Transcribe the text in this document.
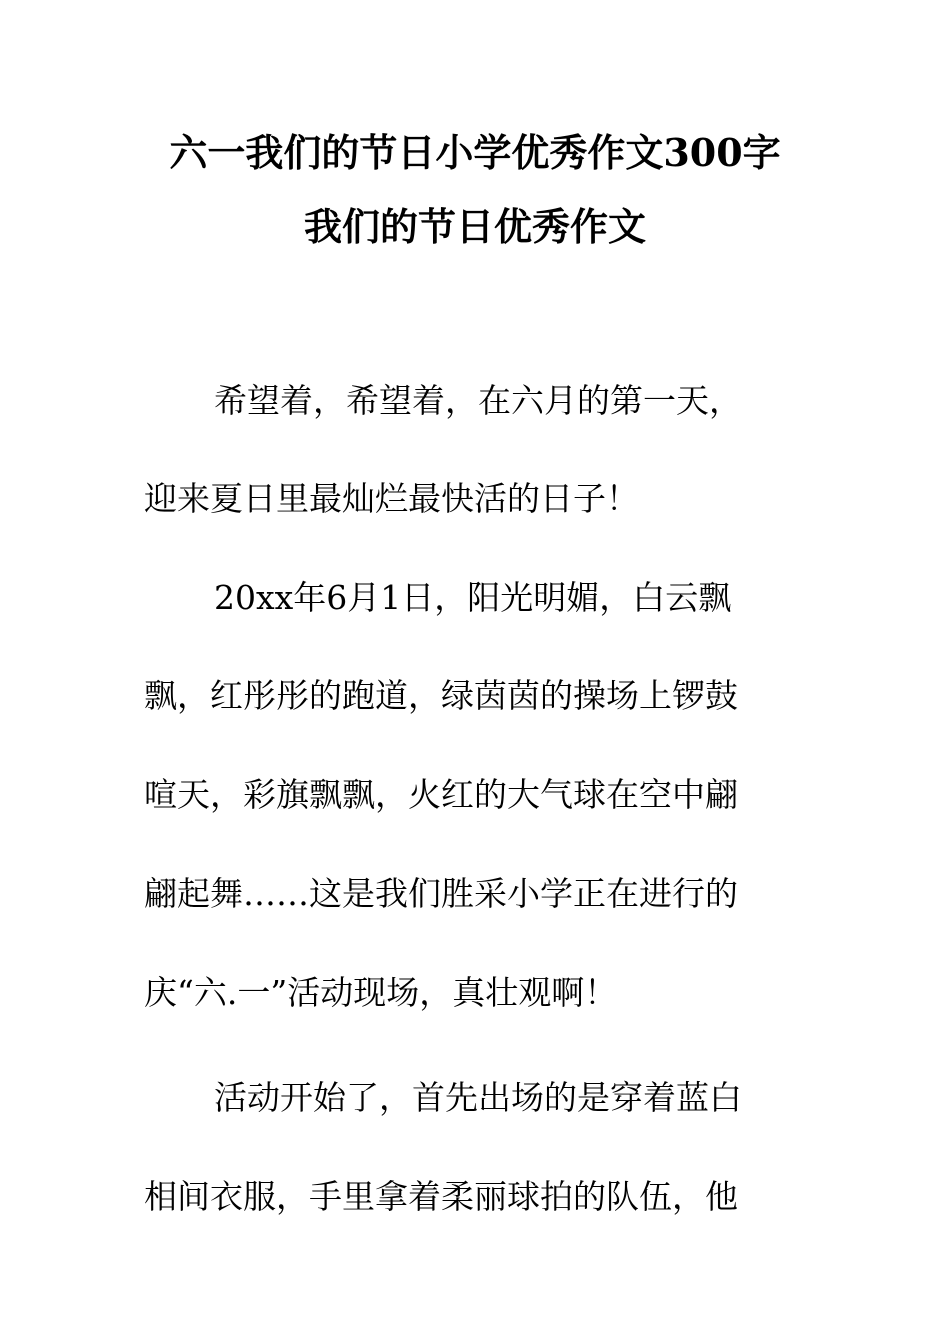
六一我们的节日小学优秀作文300字
我们的节日优秀作文
希望着，希望着，在六月的第一天，
迎来夏日里最灿烂最快活的日子！
20xx年6月1日，阳光明媚，白云飘
飘，红彤彤的跑道，绿茵茵的操场上锣鼓
喧天，彩旗飘飘，火红的大气球在空中翩
翩起舞……这是我们胜采小学正在进行的
庆“六.一”活动现场，真壮观啊！
活动开始了，首先出场的是穿着蓝白
相间衣服，手里拿着柔丽球拍的队伍，他
